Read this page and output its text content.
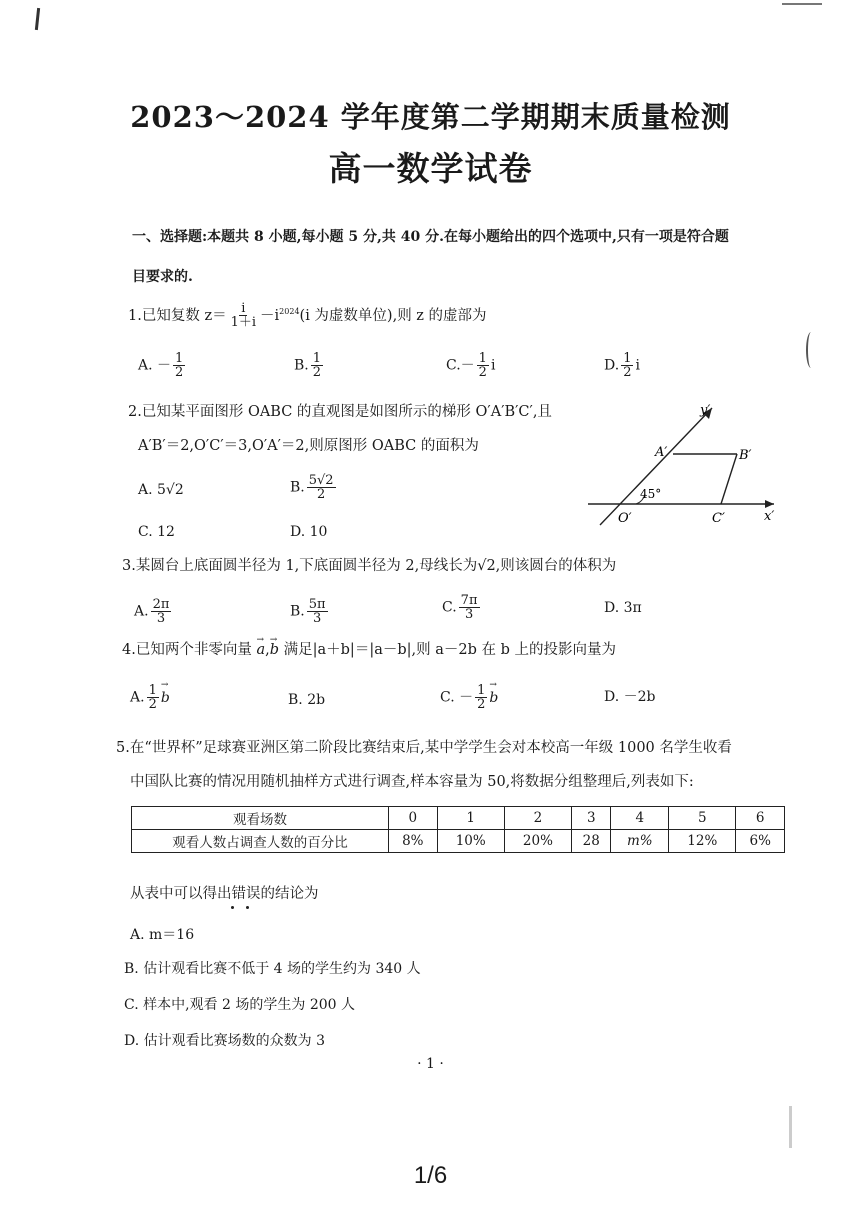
2023～2024 学年度第二学期期末质量检测
高一数学试卷
一、选择题:本题共 8 小题,每小题 5 分,共 40 分.在每小题给出的四个选项中,只有一项是符合题
目要求的.
1.已知复数 $z= \frac{i}{1+i} -i^{2024}(i$ 为虚数单位),则 z 的虚部为
A. － $\frac{1}{2}$	B. $\frac{1}{2}$	$C.- \frac{1}{2}$ i	D. $\frac{1}{2}$ i
2.已知某平面图形 OABC 的直观图是如图所示的梯形 O′A′B′C′,且
A′B′＝2,O′C′＝3,O′A′＝2,则原图形 OABC 的面积为
A. 5√2	B. $\frac{5√2}{2}$
C. 12	D. 10
y′
x′
A′	B′
O′	C′
45°
3.某圆台上底面圆半径为 1,下底面圆半径为 2,母线长为√2,则该圆台的体积为
A. $\frac{2\pi}{3}$	B. $\frac{5\pi}{3}$	C. $\frac{7\pi}{3}$	D. 3π
4.已知两个非零向量 → a,→ b 满足|a＋b|＝|a－b|,则 a－2b 在 b 上的投影向量为
A. $\frac{1}{2} \to b$	B. 2b	C. － $\frac{1}{2} \to b$	D. －2b
5.在“世界杯”足球赛亚洲区第二阶段比赛结束后,某中学学生会对本校高一年级 1000 名学生收看
中国队比赛的情况用随机抽样方式进行调查,样本容量为 50,将数据分组整理后,列表如下:
观看场数	0	1	2	3	4	5	6
观看人数占调查人数的百分比	8%	10%	20%	28	m%	12%	6%
从表中可以得出错误的结论为
A. m＝16
B. 估计观看比赛不低于 4 场的学生约为 340 人
C. 样本中,观看 2 场的学生为 200 人
D. 估计观看比赛场数的众数为 3
· 1 ·
1/6
